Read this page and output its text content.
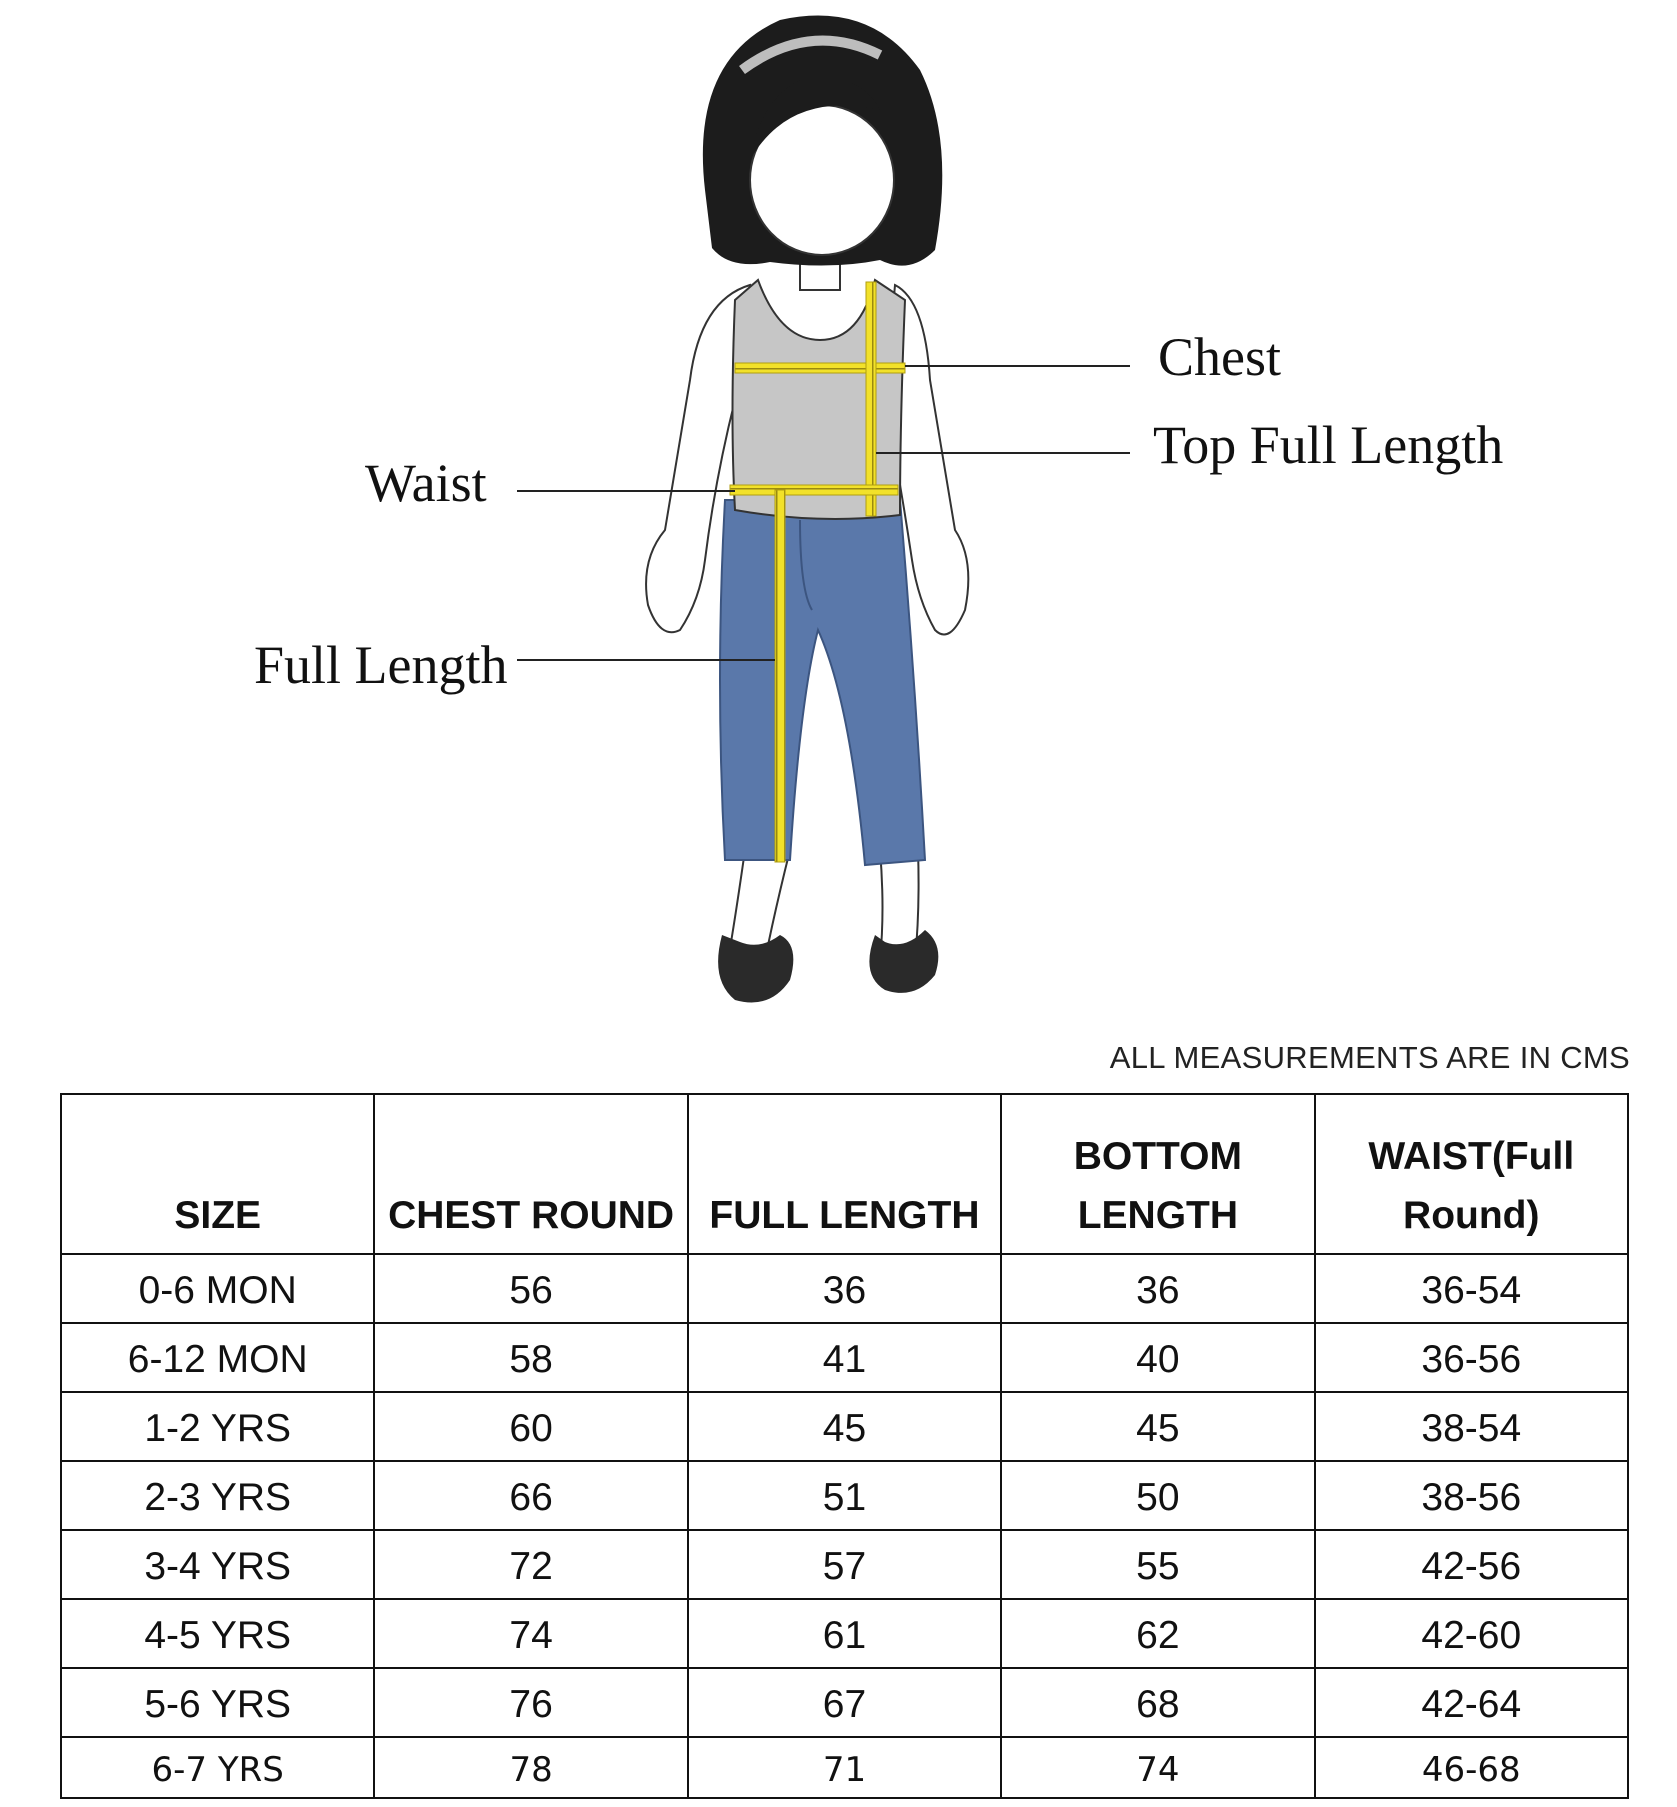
Chest
Top Full Length
Waist
Full Length
ALL MEASUREMENTS ARE IN CMS
SIZE	CHEST ROUND	FULL LENGTH	BOTTOM LENGTH	WAIST(Full Round)
0-6 MON	56	36	36	36-54
6-12 MON	58	41	40	36-56
1-2 YRS	60	45	45	38-54
2-3 YRS	66	51	50	38-56
3-4 YRS	72	57	55	42-56
4-5 YRS	74	61	62	42-60
5-6 YRS	76	67	68	42-64
6-7 YRS	78	71	74	46-68
